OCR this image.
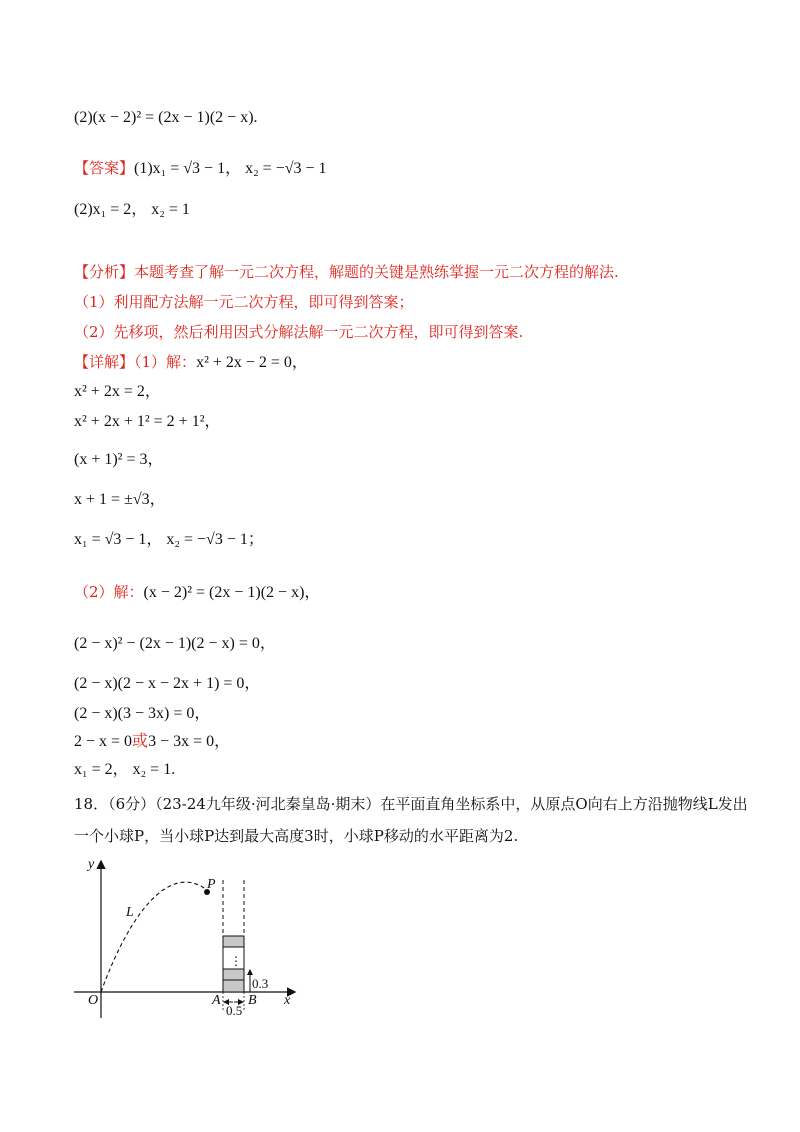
(2)(x − 2)² = (2x − 1)(2 − x).
【答案】(1)x₁ = √3 − 1， x₂ = −√3 − 1
(2)x₁ = 2， x₂ = 1
【分析】本题考查了解一元二次方程，解题的关键是熟练掌握一元二次方程的解法.
（1）利用配方法解一元二次方程，即可得到答案；
（2）先移项，然后利用因式分解法解一元二次方程，即可得到答案.
【详解】（1）解：x² + 2x − 2 = 0，
x² + 2x = 2，
x² + 2x + 1² = 2 + 1²，
(x + 1)² = 3，
x + 1 = ±√3，
x₁ = √3 − 1， x₂ = −√3 − 1；
（2）解：(x − 2)² = (2x − 1)(2 − x)，
(2 − x)² − (2x − 1)(2 − x) = 0，
(2 − x)(2 − x − 2x + 1) = 0，
(2 − x)(3 − 3x) = 0，
2 − x = 0或3 − 3x = 0，
x₁ = 2， x₂ = 1.
18．（6分）（23-24九年级·河北秦皇岛·期末）在平面直角坐标系中，从原点O向右上方沿抛物线L发出
一个小球P，当小球P达到最大高度3时，小球P移动的水平距离为2.
⋮
y
x
O
P
L
A B
0.3
0.5
